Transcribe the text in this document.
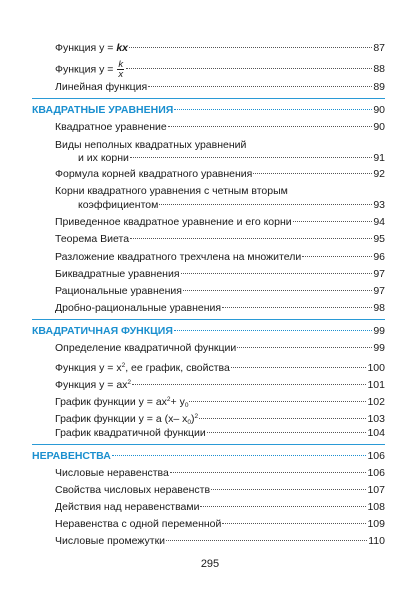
Функция y = kx	87
Функция $y = \frac{k}{x}$	88
Линейная функция	89
КВАДРАТНЫЕ УРАВНЕНИЯ	90
Квадратное уравнение	90
Виды неполных квадратных уравнений
и их корни	91
Формула корней квадратного уравнения	92
Корни квадратного уравнения с четным вторым
коэффициентом	93
Приведенное квадратное уравнение и его корни	94
Теорема Виета	95
Разложение квадратного трехчлена на множители	96
Биквадратные уравнения	97
Рациональные уравнения	97
Дробно-рациональные уравнения	98
КВАДРАТИЧНАЯ ФУНКЦИЯ	99
Определение квадратичной функции	99
Функция $y = x^2$, ее график, свойства	100
Функция $y = ax^2$	101
График функции $y = ax^2+ y_0$	102
График функции y = a (x– $x_0)^2$	103
График квадратичной функции	104
НЕРАВЕНСТВА	106
Числовые неравенства	106
Свойства числовых неравенств	107
Действия над неравенствами	108
Неравенства с одной переменной	109
Числовые промежутки	110
295
